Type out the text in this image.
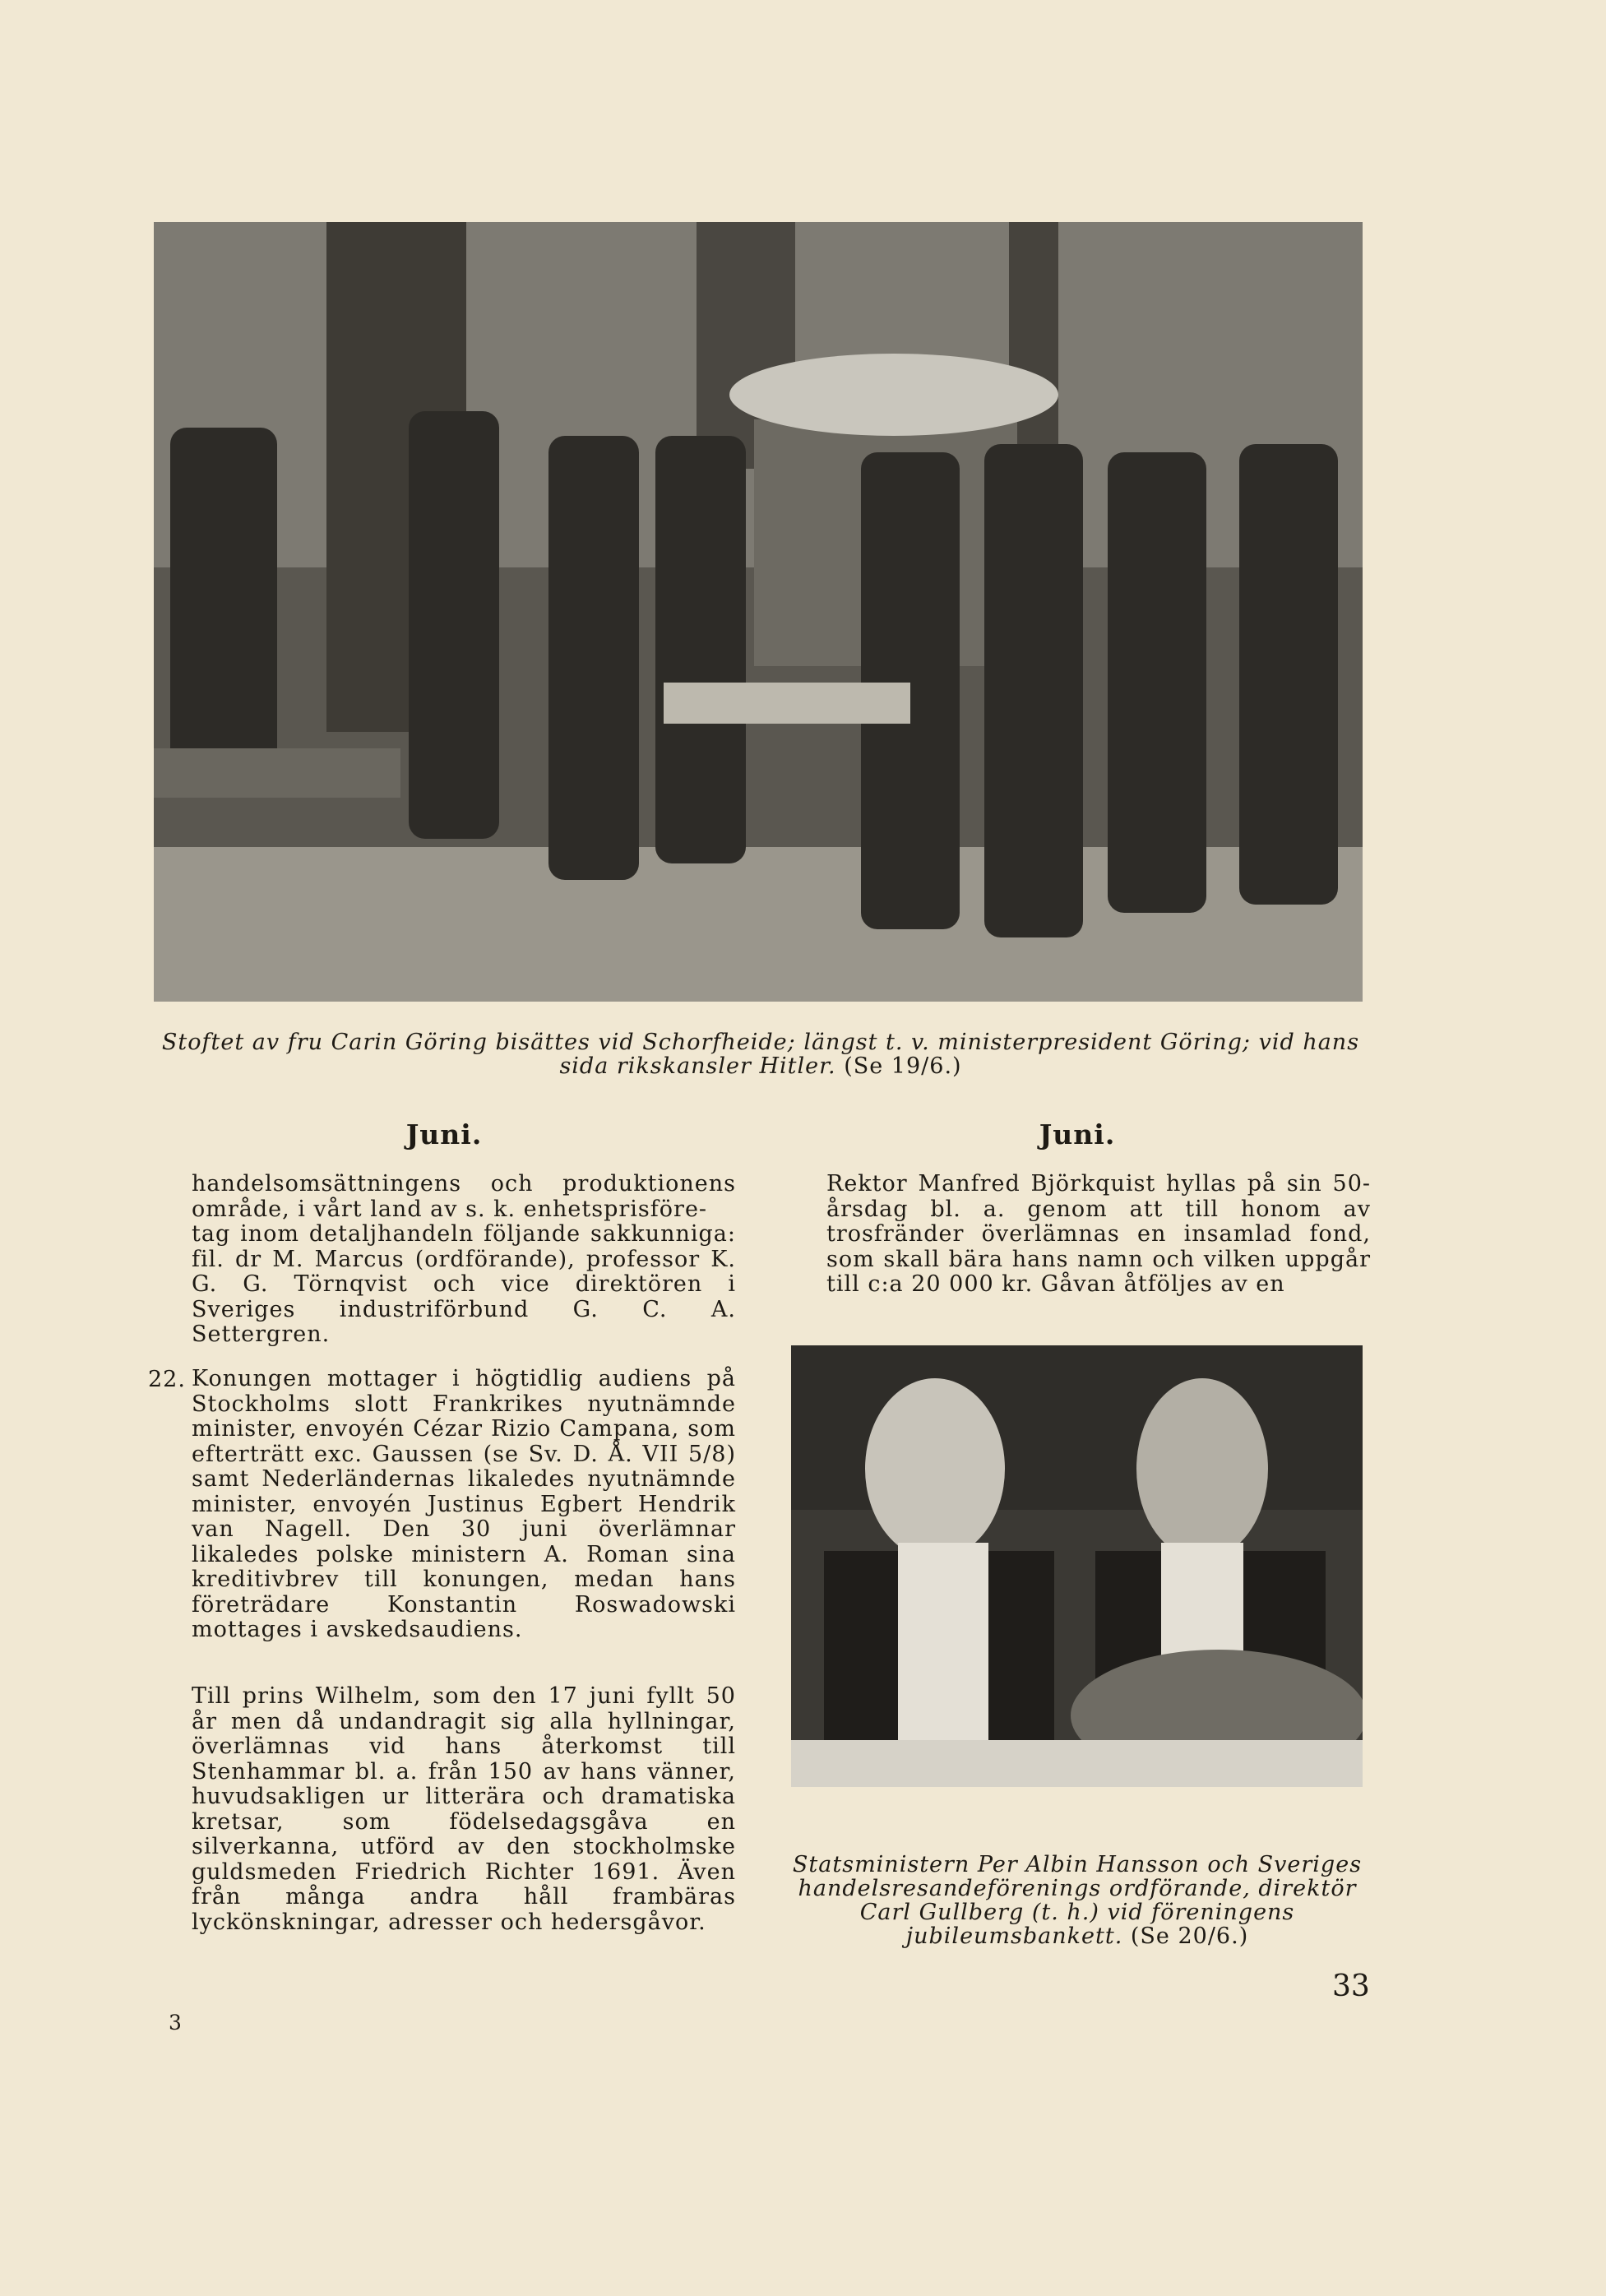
Stoftet av fru Carin Göring bisättes vid Schorfheide; längst t. v. ministerpresident Göring; vid hans sida rikskansler Hitler. (Se 19/6.)
Juni.	Juni.
handelsomsättningens och produktionens område, i vårt land av s. k. enhetsprisföre-
tag inom detaljhandeln följande sakkunniga: fil. dr M. Marcus (ordförande), professor K. G. G. Törnqvist och vice direktören i Sveriges industriförbund G. C. A. Settergren.
Rektor Manfred Björkquist hyllas på sin 50-årsdag bl. a. genom att till honom av trosfränder överlämnas en insamlad fond, som skall bära hans namn och vilken uppgår till c:a 20 000 kr. Gåvan åtföljes av en
22. Konungen mottager i högtidlig audiens på Stockholms slott Frankrikes nyutnämnde minister, envoyén Cézar Rizio Campana, som efterträtt exc. Gaussen (se Sv. D. Å. VII 5/8) samt Nederländernas likaledes nyutnämnde minister, envoyén Justinus Egbert Hendrik van Nagell. Den 30 juni överlämnar likaledes polske ministern A. Roman sina kreditivbrev till konungen, medan hans företrädare Konstantin Roswadowski mottages i avskedsaudiens.
Till prins Wilhelm, som den 17 juni fyllt 50 år men då undandragit sig alla hyllningar, överlämnas vid hans återkomst till Stenhammar bl. a. från 150 av hans vänner, huvudsakligen ur litterära och dramatiska kretsar, som födelsedagsgåva en silverkanna, utförd av den stockholmske guldsmeden Friedrich Richter 1691. Även från många andra håll frambäras lyckönskningar, adresser och hedersgåvor.
Statsministern Per Albin Hansson och Sveriges handelsresandeförenings ordförande, direktör Carl Gullberg (t. h.) vid föreningens jubileumsbankett. (Se 20/6.)
33
3
